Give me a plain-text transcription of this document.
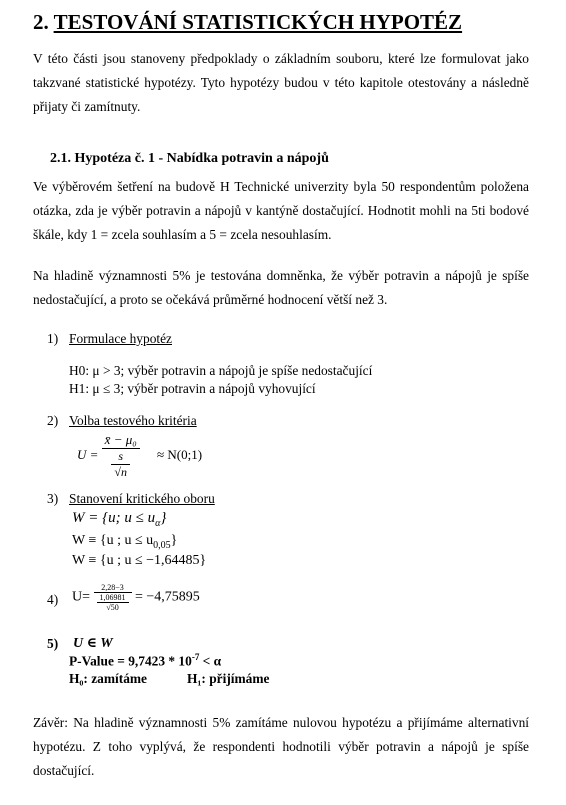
2. TESTOVÁNÍ STATISTICKÝCH HYPOTÉZ
V této části jsou stanoveny předpoklady o základním souboru, které lze formulovat jako takzvané statistické hypotézy. Tyto hypotézy budou v této kapitole otestovány a následně přijaty či zamítnuty.
2.1. Hypotéza č. 1 - Nabídka potravin a nápojů
Ve výběrovém šetření na budově H Technické univerzity byla 50 respondentům položena otázka, zda je výběr potravin a nápojů v kantýně dostačující. Hodnotit mohli na 5ti bodové škále, kdy 1 = zcela souhlasím a 5 = zcela nesouhlasím.
Na hladině významnosti 5% je testována domněnka, že výběr potravin a nápojů je spíše nedostačující, a proto se očekává průměrné hodnocení větší než 3.
1) Formulace hypotéz
H0: μ > 3; výběr potravin a nápojů je spíše nedostačující
H1: μ ≤ 3; výběr potravin a nápojů vyhovující
2) Volba testového kritéria
$U = \frac{\text{x̄ − μ₀}}{\frac{s}{√n}}$ ≈ N(0;1)
3) Stanovení kritického oboru
W = {u; $u \le u_\alpha$}
W ≡ {u ; $u \le u_{0,05}$}
W ≡ {u ; u ≤ −1,64485}
4) $U= \frac{2,28-3}{\frac{1,06981}{√50}} = -4,75895$
5) U ∈ W
P-Value = $9,7423 * 10^{-7} < \alpha$
H₀: zamítáme	H₁: přijímáme
Závěr: Na hladině významnosti 5% zamítáme nulovou hypotézu a přijímáme alternativní hypotézu. Z toho vyplývá, že respondenti hodnotili výběr potravin a nápojů je spíše dostačující.
